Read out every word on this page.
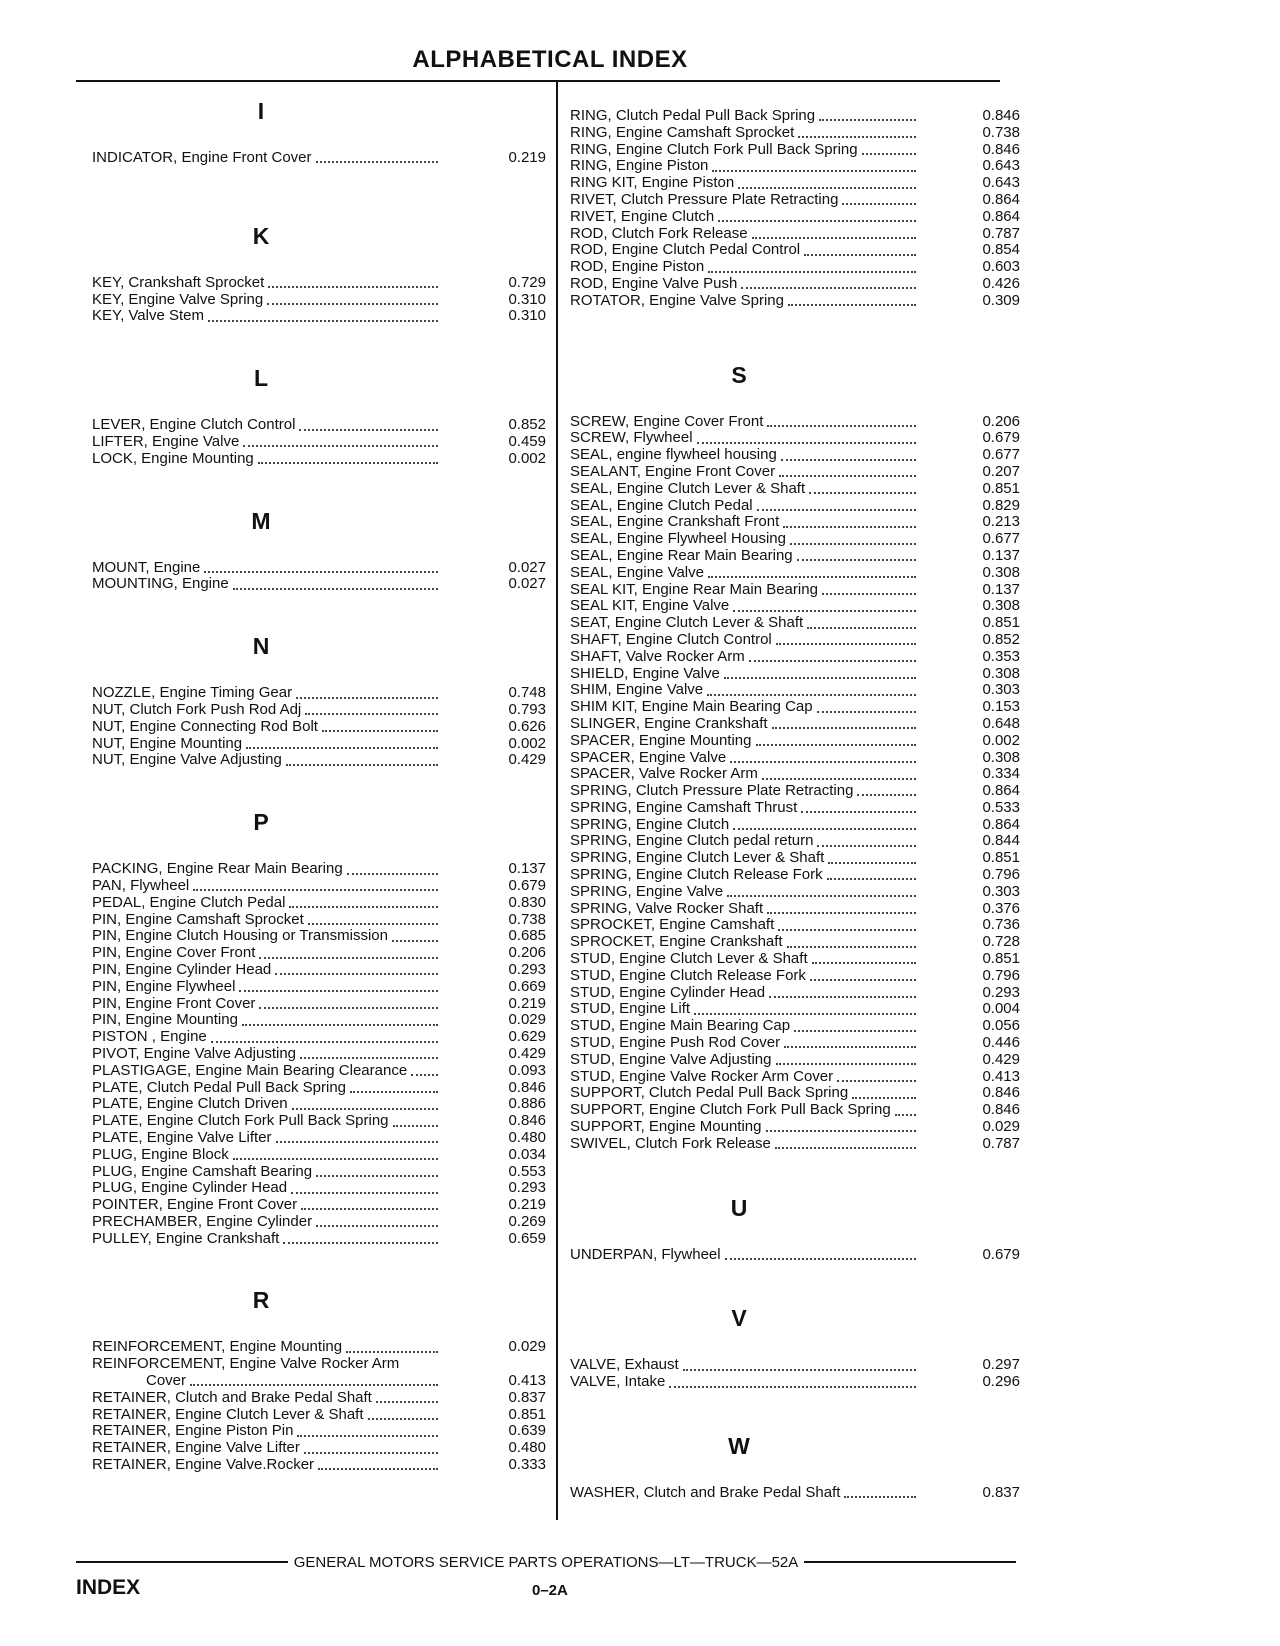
ALPHABETICAL INDEX
I
INDICATOR, Engine Front Cover	0.219
K
KEY, Crankshaft Sprocket	0.729
KEY, Engine Valve Spring	0.310
KEY, Valve Stem	0.310
L
LEVER, Engine Clutch Control	0.852
LIFTER, Engine Valve	0.459
LOCK, Engine Mounting	0.002
M
MOUNT, Engine	0.027
MOUNTING, Engine	0.027
N
NOZZLE, Engine Timing Gear	0.748
NUT, Clutch Fork Push Rod Adj	0.793
NUT, Engine Connecting Rod Bolt	0.626
NUT, Engine Mounting	0.002
NUT, Engine Valve Adjusting	0.429
P
PACKING, Engine Rear Main Bearing	0.137
PAN, Flywheel	0.679
PEDAL, Engine Clutch Pedal	0.830
PIN, Engine Camshaft Sprocket	0.738
PIN, Engine Clutch Housing or Transmission	0.685
PIN, Engine Cover Front	0.206
PIN, Engine Cylinder Head	0.293
PIN, Engine Flywheel	0.669
PIN, Engine Front Cover	0.219
PIN, Engine Mounting	0.029
PISTON , Engine	0.629
PIVOT, Engine Valve Adjusting	0.429
PLASTIGAGE, Engine Main Bearing Clearance	0.093
PLATE, Clutch Pedal Pull Back Spring	0.846
PLATE, Engine Clutch Driven	0.886
PLATE, Engine Clutch Fork Pull Back Spring	0.846
PLATE, Engine Valve Lifter	0.480
PLUG, Engine Block	0.034
PLUG, Engine Camshaft Bearing	0.553
PLUG, Engine Cylinder Head	0.293
POINTER, Engine Front Cover	0.219
PRECHAMBER, Engine Cylinder	0.269
PULLEY, Engine Crankshaft	0.659
R
REINFORCEMENT, Engine Mounting	0.029
REINFORCEMENT, Engine Valve Rocker Arm
Cover	0.413
RETAINER, Clutch and Brake Pedal Shaft	0.837
RETAINER, Engine Clutch Lever & Shaft	0.851
RETAINER, Engine Piston Pin	0.639
RETAINER, Engine Valve Lifter	0.480
RETAINER, Engine Valve.Rocker	0.333
RING, Clutch Pedal Pull Back Spring	0.846
RING, Engine Camshaft Sprocket	0.738
RING, Engine Clutch Fork Pull Back Spring	0.846
RING, Engine Piston	0.643
RING KIT, Engine Piston	0.643
RIVET, Clutch Pressure Plate Retracting	0.864
RIVET, Engine Clutch	0.864
ROD, Clutch Fork Release	0.787
ROD, Engine Clutch Pedal Control	0.854
ROD, Engine Piston	0.603
ROD, Engine Valve Push	0.426
ROTATOR, Engine Valve Spring	0.309
S
SCREW, Engine Cover Front	0.206
SCREW, Flywheel	0.679
SEAL, engine flywheel housing	0.677
SEALANT, Engine Front Cover	0.207
SEAL, Engine Clutch Lever & Shaft	0.851
SEAL, Engine Clutch Pedal	0.829
SEAL, Engine Crankshaft Front	0.213
SEAL, Engine Flywheel Housing	0.677
SEAL, Engine Rear Main Bearing	0.137
SEAL, Engine Valve	0.308
SEAL KIT, Engine Rear Main Bearing	0.137
SEAL KIT, Engine Valve	0.308
SEAT, Engine Clutch Lever & Shaft	0.851
SHAFT, Engine Clutch Control	0.852
SHAFT, Valve Rocker Arm	0.353
SHIELD, Engine Valve	0.308
SHIM, Engine Valve	0.303
SHIM KIT, Engine Main Bearing Cap	0.153
SLINGER, Engine Crankshaft	0.648
SPACER, Engine Mounting	0.002
SPACER, Engine Valve	0.308
SPACER, Valve Rocker Arm	0.334
SPRING, Clutch Pressure Plate Retracting	0.864
SPRING, Engine Camshaft Thrust	0.533
SPRING, Engine Clutch	0.864
SPRING, Engine Clutch pedal return	0.844
SPRING, Engine Clutch Lever & Shaft	0.851
SPRING, Engine Clutch Release Fork	0.796
SPRING, Engine Valve	0.303
SPRING, Valve Rocker Shaft	0.376
SPROCKET, Engine Camshaft	0.736
SPROCKET, Engine Crankshaft	0.728
STUD, Engine Clutch Lever & Shaft	0.851
STUD, Engine Clutch Release Fork	0.796
STUD, Engine Cylinder Head	0.293
STUD, Engine Lift	0.004
STUD, Engine Main Bearing Cap	0.056
STUD, Engine Push Rod Cover	0.446
STUD, Engine Valve Adjusting	0.429
STUD, Engine Valve Rocker Arm Cover	0.413
SUPPORT, Clutch Pedal Pull Back Spring	0.846
SUPPORT, Engine Clutch Fork Pull Back Spring	0.846
SUPPORT, Engine Mounting	0.029
SWIVEL, Clutch Fork Release	0.787
U
UNDERPAN, Flywheel	0.679
V
VALVE, Exhaust	0.297
VALVE, Intake	0.296
W
WASHER, Clutch and Brake Pedal Shaft	0.837
GENERAL MOTORS SERVICE PARTS OPERATIONS—LT—TRUCK—52A
INDEX	0–2A
